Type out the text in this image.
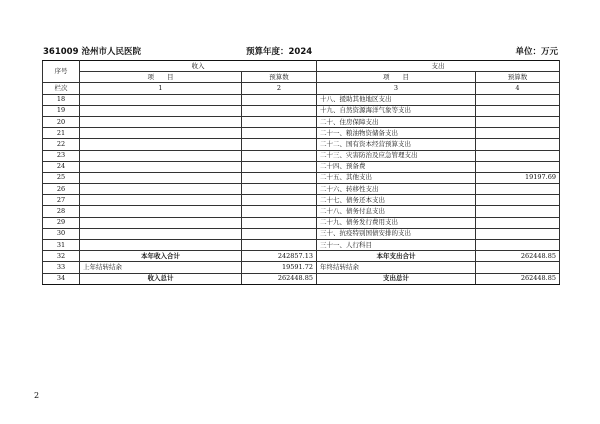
361009 沧州市人民医院	预算年度：2024	单位：万元
序号	收入		支出	
	项　　目	预算数	项　　目	预算数
栏次	1	2	3	4
18			十八、援助其他地区支出	
19			十九、自然资源海洋气象等支出	
20			二十、住房保障支出	
21			二十一、粮油物资储备支出	
22			二十二、国有资本经营预算支出	
23			二十三、灾害防治及应急管理支出	
24			二十四、预备费	
25			二十五、其他支出	19197.69
26			二十六、转移性支出	
27			二十七、债务还本支出	
28			二十八、债务付息支出	
29			二十九、债务发行费用支出	
30			三十、抗疫特别国债安排的支出	
31			三十一、人行科目	
32	本年收入合计	242857.13	本年支出合计	262448.85
33	上年结转结余	19591.72	年终结转结余	
34	收入总计	262448.85	支出总计	262448.85
2
